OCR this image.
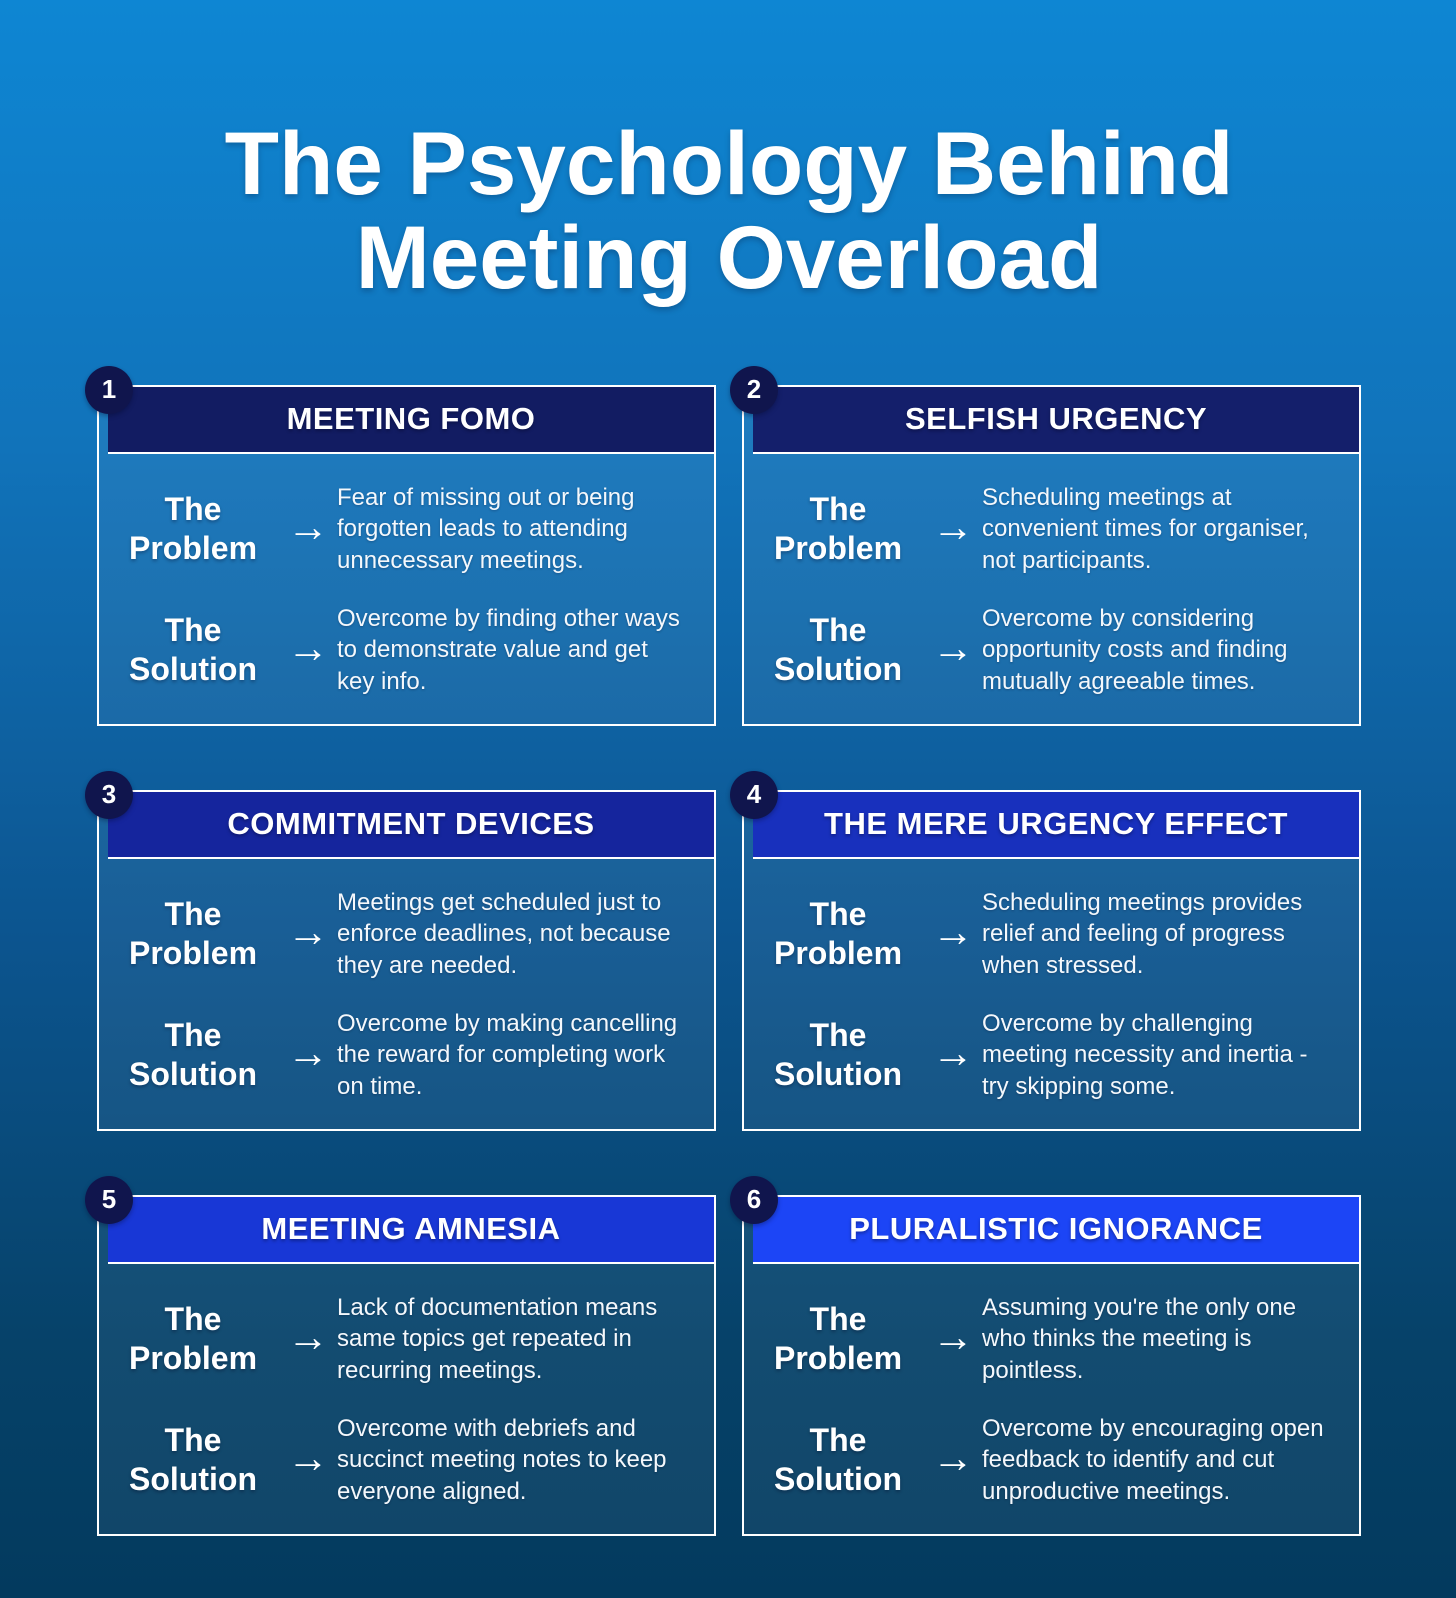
The Psychology Behind
Meeting Overload
1
MEETING FOMO
The Problem →
Fear of missing out or being forgotten leads to attending unnecessary meetings.
The Solution →
Overcome by finding other ways to demonstrate value and get key info.
2
SELFISH URGENCY
The Problem →
Scheduling meetings at convenient times for organiser, not participants.
The Solution →
Overcome by considering opportunity costs and finding mutually agreeable times.
3
COMMITMENT DEVICES
The Problem →
Meetings get scheduled just to enforce deadlines, not because they are needed.
The Solution →
Overcome by making cancelling the reward for completing work on time.
4
THE MERE URGENCY EFFECT
The Problem →
Scheduling meetings provides relief and feeling of progress when stressed.
The Solution →
Overcome by challenging meeting necessity and inertia - try skipping some.
5
MEETING AMNESIA
The Problem →
Lack of documentation means same topics get repeated in recurring meetings.
The Solution →
Overcome with debriefs and succinct meeting notes to keep everyone aligned.
6
PLURALISTIC IGNORANCE
The Problem →
Assuming you're the only one who thinks the meeting is pointless.
The Solution →
Overcome by encouraging open feedback to identify and cut unproductive meetings.
